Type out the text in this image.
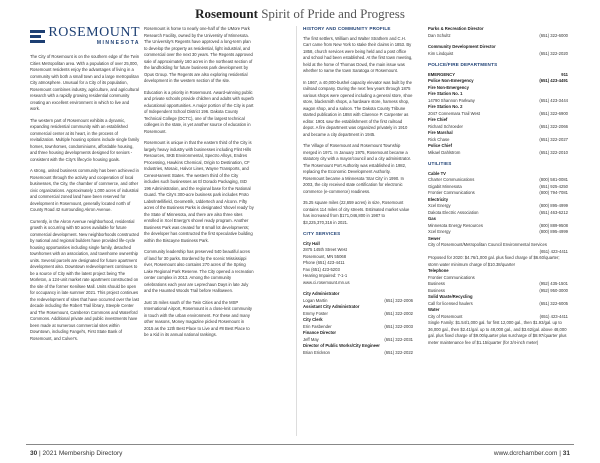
Rosemount Spirit of Pride and Progress
ROSEMOUNT
MINNESOTA

The City of Rosemount is on the southern edge of the Twin Cities Metropolitan area. With a population of over 25,000, Rosemount residents enjoy the advantages of living in a community with both a small town and a large metropolitan City atmosphere. Unusual for a City of its population, Rosemount combines industry, agriculture, and agricultural research with a rapidly growing residential community creating an excellent environment in which to live and work.

The western part of Rosemount exhibits a dynamic, expanding residential community with an established commercial center at its heart, in the process of revitalization. Multiple housing options include single family homes, townhomes, condominiums, affordable housing, and three housing developments designed for seniors - consistent with the City's lifecycle housing goals.

A strong, united business community has been achieved in Rosemount through the activity and cooperation of local businesses, the City, the chamber of commerce, and other civic organizations. Approximately 1,000 acres of industrial and commercial zoned land have been reserved for development in Rosemount, generally located north of County Road 42 surrounding Akron Avenue.

Currently, in the Akron Avenue neighborhood, residential growth is occurring with 50 acres available for future commercial development. New neighborhoods constructed by national and regional builders have provided life-cycle housing opportunities including single family, detached townhomes with an association, and townhome ownership units. Several parcels are designated for future apartment development also. Downtown redevelopment continues to be a source of City with the latest project being The Morleton, a 124-unit market rate apartment constructed on the site of the former Kenilsee Mall. Units should be open for occupancy in late summer 2021. This project continues the redevelopment of sites that have occurred over the last decade including the Robert Trail library, Steeple Center and The Rosemount, Camberon Commons and Waterford Commons. Additional private and public investments have been made at numerous commercial sites within Downtown, including Fangel's, First State Bank of Rosemount, and Culver's.

Rosemount is home to nearly one-half of the UMore Park Research Facility, owned by the University of Minnesota. The University's Regents have approved a long-term plan to develop the property as residential, light industrial, and commercial over the next 30 years. The Regents approved sale of approximately 160 acres in the northeast section of the landholding for future business park development by Opus Group. The Regents are also exploring residential development in the western section of the site.

Education is a priority in Rosemount. Award-winning public and private schools provide children and adults with superb educational opportunities. A major portion of the City is part of Independent School District 196. Dakota County Technical College (DCTC), one of the largest technical colleges in the state, is yet another source of education in Rosemount.

Rosemount is unique in that the eastern third of the City is largely heavy industry with businesses including Flint Hills Resources, SKB Environmental, Spectro Alloys, Endres Processing, Hawkins Chemical, Origin to Destination, CF Industries, Mosaic, Halvor Lines, Wayne Transports, and CenexHarvest States. The western third of the City includes such businesses as El Dorado Packaging, ISD 196 Administration, and the regional base for the National Guard. The City's 300-acre business park includes Proto Labs/Intellifield, Geometrik, Uddertech and Alconn. Fifty acres of the Business Parks is designated 'shovel ready' by the State of Minnesota, and there are also three sites enrolled in Xcel Energy's shovel ready program. Another Business Park was created for 8 small lot developments; the developer has constructed the first speculative building within the Biscayne Business Park.

Community leadership has preserved 540 beautiful acres of land for 30 parks. Bordered by the scenic Mississippi river, Rosemount also contains 270 acres of the Spring Lake Regional Park Reserve. The City opened a recreation center complex in 2013. Among the community celebrations each year are Leprechaun Days in late July and the Haunted Woods Trail before Halloween.

Just 15 miles south of the Twin Cities and the MSP International Airport, Rosemount is a close-knit community in touch with the urban environment. For these and many other reasons, Money magazine picked Rosemount in 2015 as the 12th Best Place to Live and #8 Best Place to be a Kid in its annual national rankings.

HISTORY AND COMMUNITY PROFILE

The first settlers, William and Walter Strathern and C.H. Carr came from New York to stake their claims in 1853. By 1858, church services were being held and a post office and school had been established. At the first town meeting, held at the home of Thomas Dowd, the main issue was whether to name the town Saratoga or Rosemount.

In 1867, a 40,000-bushel capacity elevator was built by the railroad company. During the next few years through 1875 various shops were opened including a general store, shoe store, blacksmith shops, a hardware store, harness shop, wagon shop, and a saloon. The Dakota County Tribune started publication in 1884 with Clarence P. Carpenter as editor. 1901 saw the establishment of the first railroad depot. A fire department was organized privately in 1910 and became a city department in 1945.

The Village of Rosemount and Rosemount Township merged in 1971. In January 1975, Rosemount became a statutory city with a mayor/council and a city administrator. The Rosemount Port Authority was established in 1982, replacing the Economic Development Authority. Rosemount became a Minnesota 'Star City' in 1990. In 2003, the city received state certification for electronic commerce (e-commerce) readiness.

35.25 square miles (22,659 acres) in size, Rosemount contains 114 miles of city streets. Estimated market value has increased from $171,046,800 in 1987 to $3,225,370,316 in 2021.

CITY SERVICES
City Hall
2875 145th Street West
Rosemount, MN 55068
Phone (651) 423-4411
Fax (651) 423-5203
Hearing Impaired: 7-1-1
www.ci.rosemount.mn.us
City Administrator
Logan Martin	(651) 322-2006
Assistant City Administrator
Emmy Foster	(651) 322-2002
City Clerk
Erin Fasbender	(651) 322-2003
Finance Director
Jeff May	(651) 322-2031
Director of Public Works/City Engineer
Brian Erickson	(651) 322-2022
Parks & Recreation Director
Dan Schultz	(651) 322-6000
Community Development Director
Kim Lindquist	(651) 322-2020
POLICE/FIRE DEPARTMENTS
EMERGENCY	911
Police Non-Emergency	(651) 423-4491
Fire Non-Emergency
Fire Station No. 1
14790 Shannon Parkway	(651) 423-3444
Fire Station No. 2
2047 Connemara Trail West	(651) 322-6900
Fire Chief
Richard Schroeder	(651) 322-2066
Fire Marshal
Rick Chase	(651) 322-2027
Police Chief
Mikael Dahlstrom	(651) 322-2010
UTILITIES
Cable TV
Charter Communications	(800) 581-0081
Gigabit Minnesota	(651) 925-4250
Frontier Communications	(800) 794-7081
Electricity
Xcel Energy	(800) 895-4999
Dakota Electric Association	(651) 463-6212
Gas
Minnesota Energy Resources	(800) 889-9508
Xcel Energy	(800) 895-4999
Sewer
City of Rosemount/Metropolitan Council Environmental Services
(651) 423-4411
Proposed for 2020: $4.76/1,000 gal. plus fixed charge of $6.60/quarter; storm water minimum charge of $10.38/quarter
Telephone
Frontier Communications
Business	(952) 435-1501
Business	(952) 950-3000
Solid Waste/Recycling
Call for licensed haulers	(651) 322-6005
Water
City of Rosemount	(651) 423-4411
Single Family: $1.54/1,000 gal. for first 12,000 gal., then $1.93/gal. up to 36,000 gal., then $2.41/gal. up to 48,000 gal., and $3.62/gal. above 48,000 gal. plus fixed charge of $9.00/quarter plus surcharge of $8.97/quarter plus meter maintenance fee of $1.15/quarter (for 3/4-inch meter)
30 | 2021 Membership Directory	www.dcrchamber.com | 31
